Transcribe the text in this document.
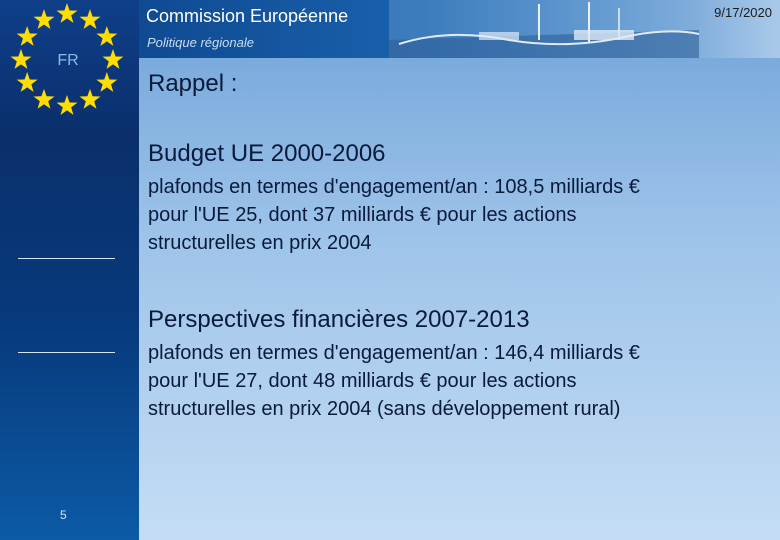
FR
5
Commission Européenne
Politique régionale
9/17/2020
Rappel :
Budget UE 2000-2006
plafonds en termes d'engagement/an : 108,5 milliards €
pour l'UE 25, dont 37 milliards € pour les actions
structurelles en prix 2004
Perspectives financières 2007-2013
plafonds en termes d'engagement/an : 146,4 milliards €
pour l'UE 27, dont 48 milliards € pour les actions
structurelles en prix 2004 (sans développement rural)
